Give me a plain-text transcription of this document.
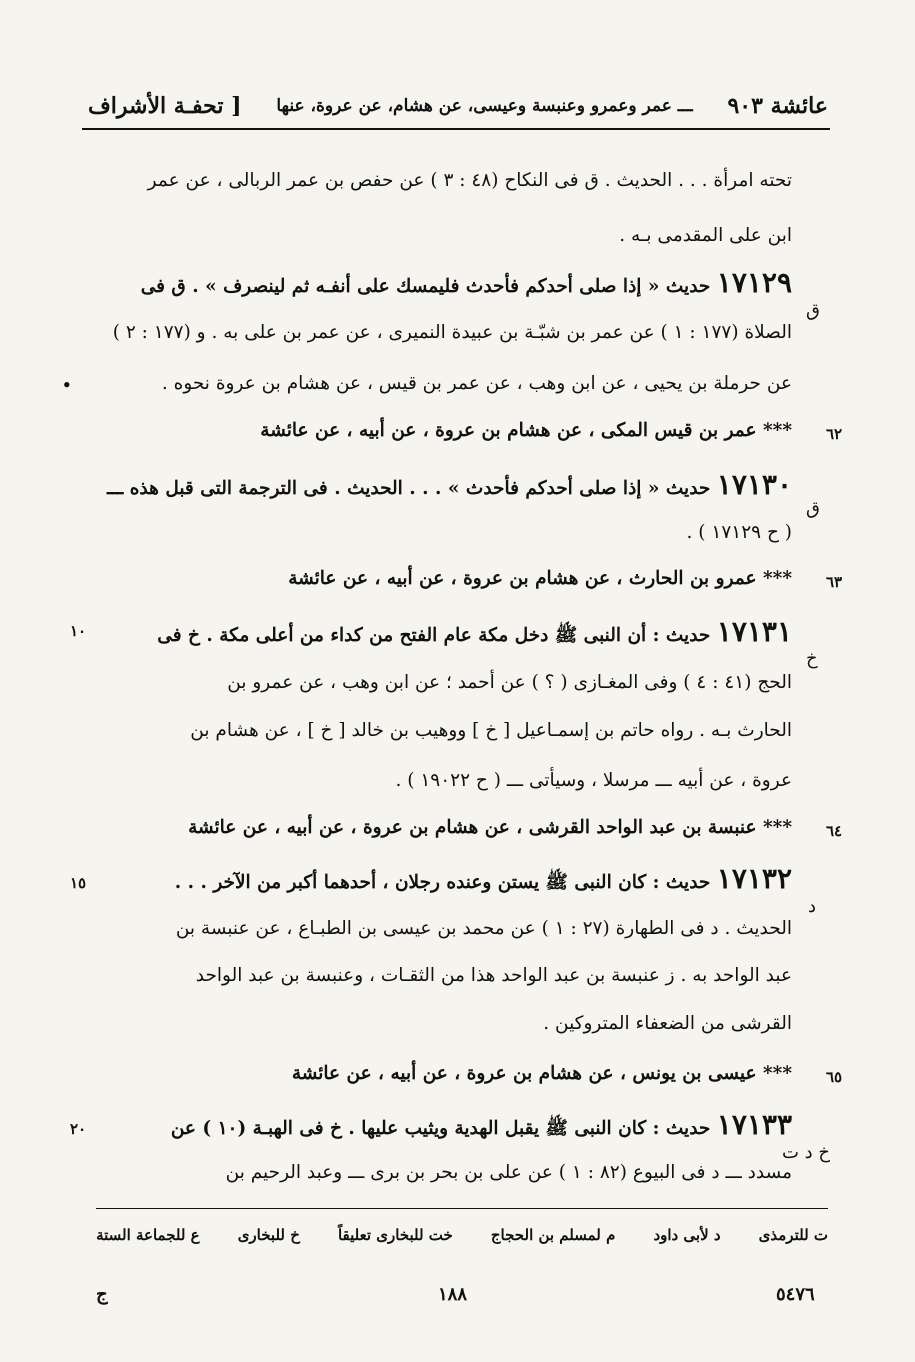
عائشة ٩٠٣
ـــ عمر وعمرو وعنبسة وعيسى، عن هشام، عن عروة، عنها
[ تحفـة الأشراف
تحته امرأة . . . الحديث . ق فى النكاح (٤٨ : ٣ ) عن حفص بن عمر الربالى ، عن عمر
ابن على المقدمى بـه .
١٧١٢٩ حديث « إذا صلى أحدكم فأحدث فليمسك على أنفـه ثم لينصرف » . ق فى
الصلاة (١٧٧ : ١ ) عن عمر بن شبّـة بن عبيدة النميرى ، عن عمر بن على به . و (١٧٧ : ٢ )
عن حرملة بن يحيى ، عن ابن وهب ، عن عمر بن قيس ، عن هشام بن عروة نحوه .
*** عمر بن قيس المكى ، عن هشام بن عروة ، عن أبيه ، عن عائشة
١٧١٣٠ حديث « إذا صلى أحدكم فأحدث » . . . الحديث . فى الترجمة التى قبل هذه ـــ
( ح ١٧١٢٩ ) .
*** عمرو بن الحارث ، عن هشام بن عروة ، عن أبيه ، عن عائشة
١٧١٣١ حديث : أن النبى ﷺ دخل مكة عام الفتح من كداء من أعلى مكة . خ فى
الحج (٤١ : ٤ ) وفى المغـازى ( ؟ ) عن أحمد ؛ عن ابن وهب ، عن عمرو بن
الحارث بـه . رواه حاتم بن إسمـاعيل [ خ ] ووهيب بن خالد [ خ ] ، عن هشام بن
عروة ، عن أبيه ـــ مرسلا ، وسيأتى ـــ ( ح ١٩٠٢٢ ) .
*** عنبسة بن عبد الواحد القرشى ، عن هشام بن عروة ، عن أبيه ، عن عائشة
١٧١٣٢ حديث : كان النبى ﷺ يستن وعنده رجلان ، أحدهما أكبر من الآخر . . .
الحديث . د فى الطهارة (٢٧ : ١ ) عن محمد بن عيسى بن الطبـاع ، عن عنبسة بن
عبد الواحد به . ز عنبسة بن عبد الواحد هذا من الثقـات ، وعنبسة بن عبد الواحد
القرشى من الضعفاء المتروكين .
*** عيسى بن يونس ، عن هشام بن عروة ، عن أبيه ، عن عائشة
١٧١٣٣ حديث : كان النبى ﷺ يقبل الهدية ويثيب عليها . خ فى الهبـة (١٠ ) عن
مسدد ـــ د فى البيوع (٨٢ : ١ ) عن على بن بحر بن برى ـــ وعبد الرحيم بن
•
١٠
١٥
٢٠
٦٢
٦٣
٦٤
٦٥
ق
ق
خ
د
خ د ت
ع للجماعة الستة	خ للبخارى	خت للبخارى تعليقاً	م لمسلم بن الحجاج	د لأبى داود	ت للترمذى
ج	١٨٨	٥٤٧٦
